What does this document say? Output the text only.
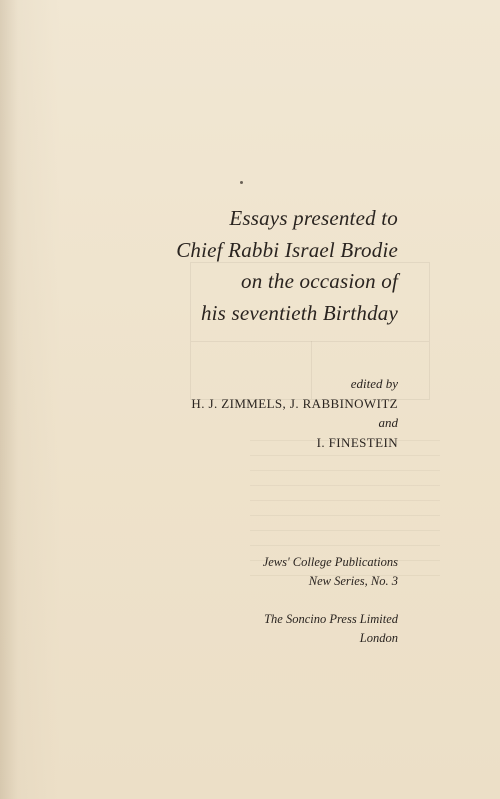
Essays presented to
Chief Rabbi Israel Brodie
on the occasion of
his seventieth Birthday
edited by
H. J. ZIMMELS, J. RABBINOWITZ
and
I. FINESTEIN
Jews' College Publications
New Series, No. 3
The Soncino Press Limited
London
